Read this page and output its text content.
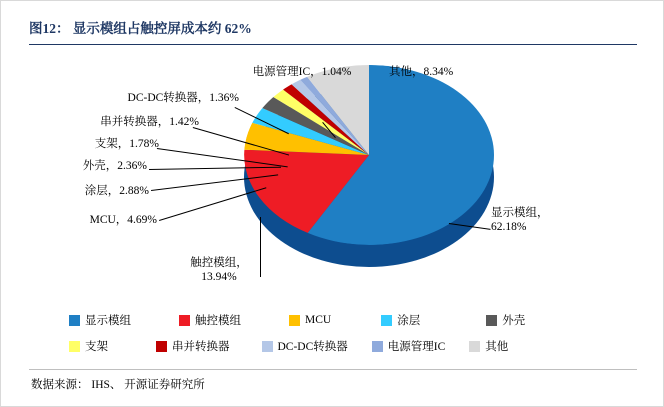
图12： 显示模组占触控屏成本约 62%
DC-DC转换器，1.36%
串并转换器，1.42%
支架，1.78%
外壳，2.36%
涂层，2.88%
MCU，4.69%
电源管理IC，1.04%	其他，8.34%
显示模组，
62.18%
触控模组，
13.94%
显示模组	触控模组	MCU	涂层	外壳
支架	串并转换器	DC-DC转换器	电源管理IC	其他
数据来源： IHS、 开源证券研究所
